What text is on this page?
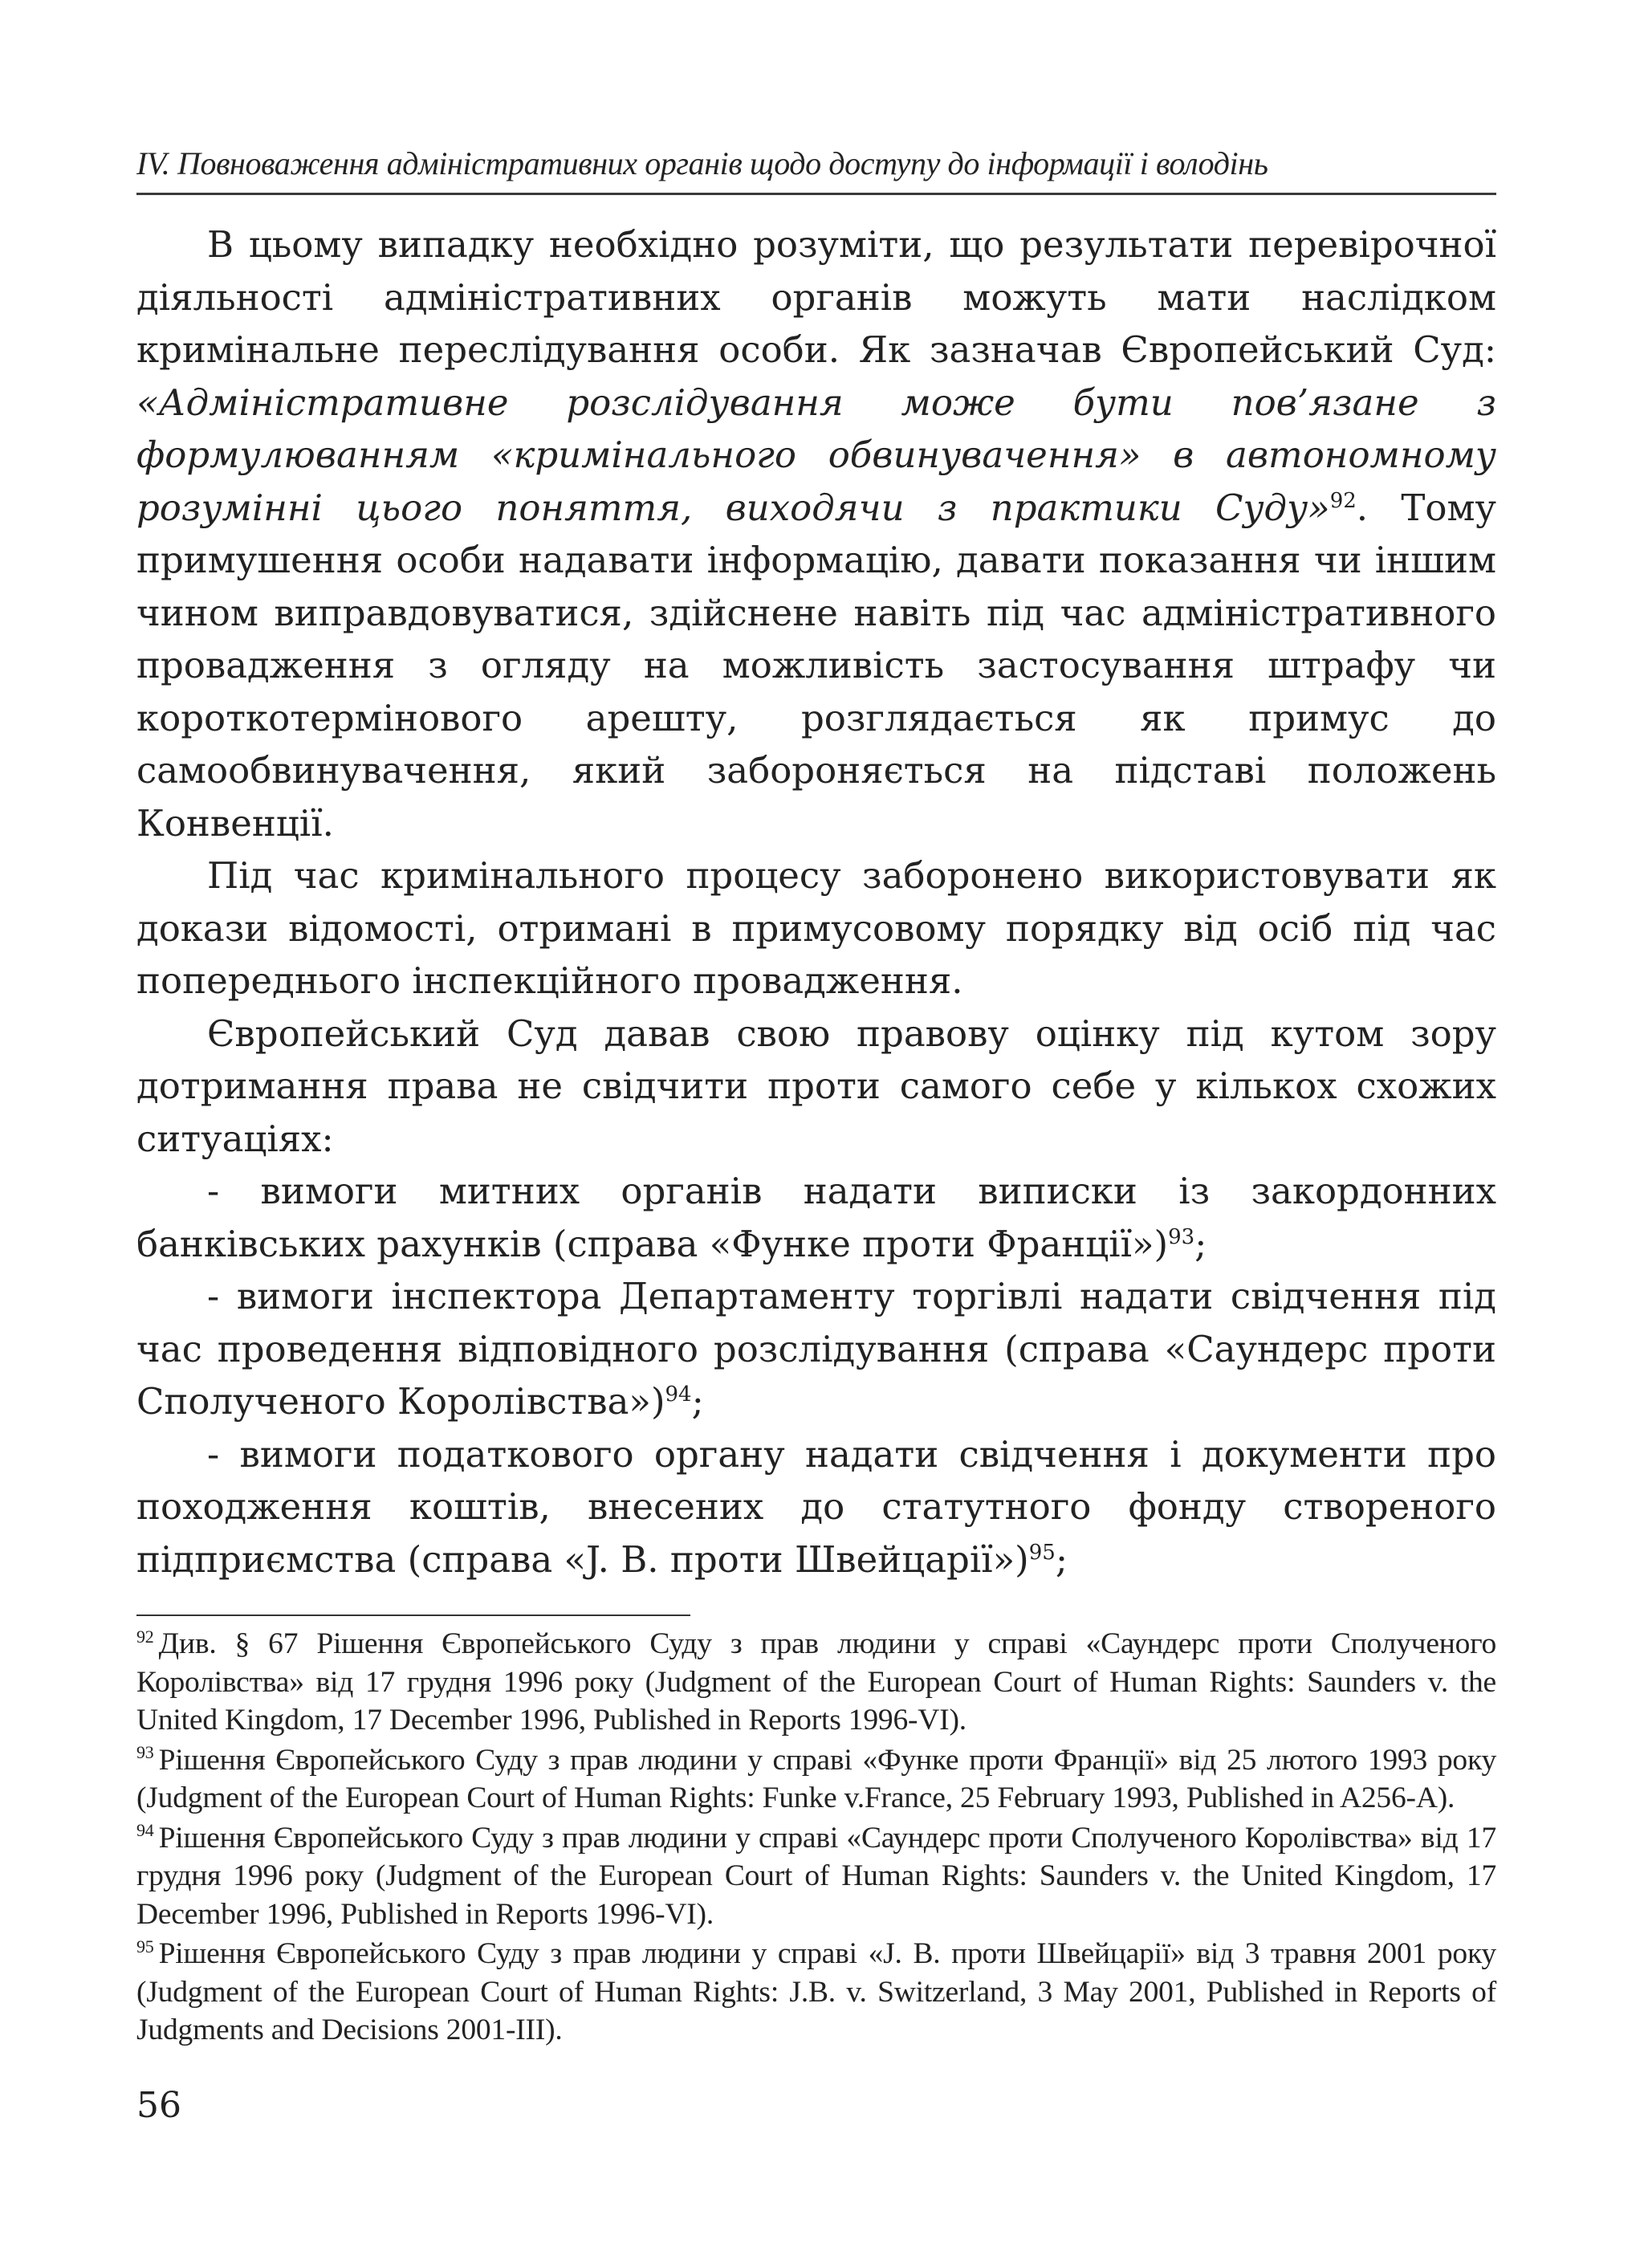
IV. Повноваження адміністративних органів щодо доступу до інформації і володінь

В цьому випадку необхідно розуміти, що результати перевірочної діяльності адміністративних органів можуть мати наслідком кримінальне переслідування особи. Як зазначав Європейський Суд: «Адміністративне розслідування може бути пов’язане з формулюванням «кримінального обвинувачення» в автономному розумінні цього поняття, виходячи з практики Суду»$^{92}$. Тому примушення особи надавати інформацію, давати показання чи іншим чином виправдовуватися, здійснене навіть під час адміністративного провадження з огляду на можливість застосування штрафу чи короткотермінового арешту, розглядається як примус до самообвинувачення, який забороняється на підставі положень Конвенції.

Під час кримінального процесу заборонено використовувати як докази відомості, отримані в примусовому порядку від осіб під час попереднього інспекційного провадження.

Європейський Суд давав свою правову оцінку під кутом зору дотримання права не свідчити проти самого себе у кількох схожих ситуаціях:

- вимоги митних органів надати виписки із закордонних банківських рахунків (справа «Функе проти Франції»)$^{93}$;

- вимоги інспектора Департаменту торгівлі надати свідчення під час проведення відповідного розслідування (справа «Саундерс проти Сполученого Королівства»)$^{94}$;

- вимоги податкового органу надати свідчення і документи про походження коштів, внесених до статутного фонду створеного підприємства (справа «J. B. проти Швейцарії»)$^{95}$;

$^{92}$ Див. § 67 Рішення Європейського Суду з прав людини у справі «Саундерс проти Сполученого Королівства» від 17 грудня 1996 року (Judgment of the European Court of Human Rights: Saunders v. the United Kingdom, 17 December 1996, Published in Reports 1996-VI).

$^{93}$ Рішення Європейського Суду з прав людини у справі «Функе проти Франції» від 25 лютого 1993 року (Judgment of the European Court of Human Rights: Funke v.France, 25 February 1993, Published in A256-A).

$^{94}$ Рішення Європейського Суду з прав людини у справі «Саундерс проти Сполученого Королівства» від 17 грудня 1996 року (Judgment of the European Court of Human Rights: Saunders v. the United Kingdom, 17 December 1996, Published in Reports 1996-VI).

$^{95}$ Рішення Європейського Суду з прав людини у справі «J. B. проти Швейцарії» від 3 травня 2001 року (Judgment of the European Court of Human Rights: J.B. v. Switzerland, 3 May 2001, Published in Reports of Judgments and Decisions 2001-III).

56
